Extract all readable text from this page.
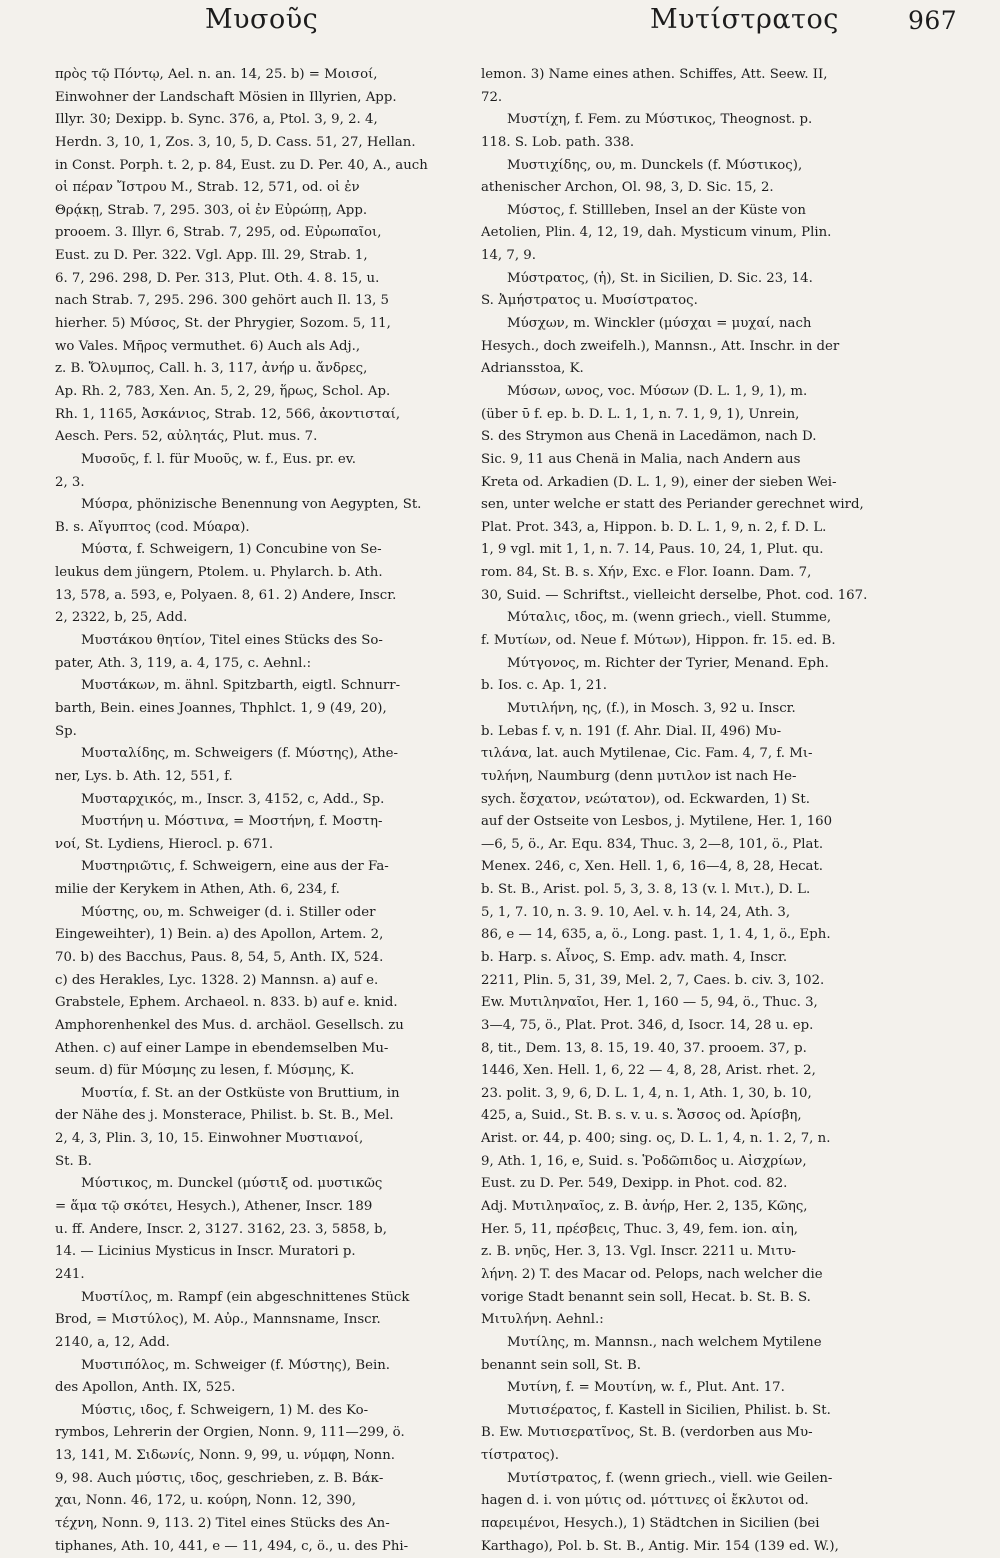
Μυσοῦς	Μυτίστρατος	967
πρὸς τῷ Πόντῳ, Ael. n. an. 14, 25. b) = Μοισοί,
Einwohner der Landschaft Mösien in Illyrien, App.
Illyr. 30; Dexipp. b. Sync. 376, a, Ptol. 3, 9, 2. 4,
Herdn. 3, 10, 1, Zos. 3, 10, 5, D. Cass. 51, 27, Hellan.
in Const. Porph. t. 2, p. 84, Eust. zu D. Per. 40, A., auch
οἱ πέραν Ἴστρου Μ., Strab. 12, 571, od. οἱ ἐν
Θρᾴκῃ, Strab. 7, 295. 303, οἱ ἐν Εὐρώπῃ, App.
prooem. 3. Illyr. 6, Strab. 7, 295, od. Εὐρωπαῖοι,
Eust. zu D. Per. 322. Vgl. App. Ill. 29, Strab. 1,
6. 7, 296. 298, D. Per. 313, Plut. Oth. 4. 8. 15, u.
nach Strab. 7, 295. 296. 300 gehört auch Il. 13, 5
hierher. 5) Μύσος, St. der Phrygier, Sozom. 5, 11,
wo Vales. Μῆρος vermuthet. 6) Auch als Adj.,
z. B. Ὄλυμπος, Call. h. 3, 117, ἀνήρ u. ἄνδρες,
Ap. Rh. 2, 783, Xen. An. 5, 2, 29, ἥρως, Schol. Ap.
Rh. 1, 1165, Ἀσκάνιος, Strab. 12, 566, ἀκοντισταί,
Aesch. Pers. 52, αὐλητάς, Plut. mus. 7.
Μυσοῦς, f. l. für Μυοῦς, w. f., Eus. pr. ev.
2, 3.
Μύσρα, phönizische Benennung von Aegypten, St.
B. s. Αἴγυπτος (cod. Μύαρα).
Μύστα, f. Schweigern, 1) Concubine von Se-
leukus dem jüngern, Ptolem. u. Phylarch. b. Ath.
13, 578, a. 593, e, Polyaen. 8, 61. 2) Andere, Inscr.
2, 2322, b, 25, Add.
Μυστάκου θητίον, Titel eines Stücks des So-
pater, Ath. 3, 119, a. 4, 175, c. Aehnl.:
Μυστάκων, m. ähnl. Spitzbarth, eigtl. Schnurr-
barth, Bein. eines Joannes, Thphlct. 1, 9 (49, 20),
Sp.
Μυσταλίδης, m. Schweigers (f. Μύστης), Athe-
ner, Lys. b. Ath. 12, 551, f.
Μυσταρχικός, m., Inscr. 3, 4152, c, Add., Sp.
Μυστήνη u. Μόστινα, = Μοστήνη, f. Μοστη-
νοί, St. Lydiens, Hierocl. p. 671.
Μυστηριῶτις, f. Schweigern, eine aus der Fa-
milie der Kerykem in Athen, Ath. 6, 234, f.
Μύστης, ου, m. Schweiger (d. i. Stiller oder
Eingeweihter), 1) Bein. a) des Apollon, Artem. 2,
70. b) des Bacchus, Paus. 8, 54, 5, Anth. IX, 524.
c) des Herakles, Lyc. 1328. 2) Mannsn. a) auf e.
Grabstele, Ephem. Archaeol. n. 833. b) auf e. knid.
Amphorenhenkel des Mus. d. archäol. Gesellsch. zu
Athen. c) auf einer Lampe in ebendemselben Mu-
seum. d) für Μύσμης zu lesen, f. Μύσμης, K.
Μυστία, f. St. an der Ostküste von Bruttium, in
der Nähe des j. Monsterace, Philist. b. St. B., Mel.
2, 4, 3, Plin. 3, 10, 15. Einwohner Μυστιανοί,
St. B.
Μύστικος, m. Dunckel (μύστιξ od. μυστικῶς
= ἅμα τῷ σκότει, Hesych.), Athener, Inscr. 189
u. ff. Andere, Inscr. 2, 3127. 3162, 23. 3, 5858, b,
14. — Licinius Mysticus in Inscr. Muratori p.
241.
Μυστίλος, m. Rampf (ein abgeschnittenes Stück
Brod, = Μιστύλος), Μ. Αὐρ., Mannsname, Inscr.
2140, a, 12, Add.
Μυστιπόλος, m. Schweiger (f. Μύστης), Bein.
des Apollon, Anth. IX, 525.
Μύστις, ιδος, f. Schweigern, 1) M. des Ko-
rymbos, Lehrerin der Orgien, Nonn. 9, 111—299, ö.
13, 141, M. Σιδωνίς, Nonn. 9, 99, u. νύμφη, Nonn.
9, 98. Auch μύστις, ιδος, geschrieben, z. B. Βάκ-
χαι, Nonn. 46, 172, u. κούρη, Nonn. 12, 390,
τέχνη, Nonn. 9, 113. 2) Titel eines Stücks des An-
tiphanes, Ath. 10, 441, e — 11, 494, c, ö., u. des Phi-
lemon. 3) Name eines athen. Schiffes, Att. Seew. II,
72.
Μυστίχη, f. Fem. zu Μύστικος, Theognost. p.
118. S. Lob. path. 338.
Μυστιχίδης, ου, m. Dunckels (f. Μύστικος),
athenischer Archon, Ol. 98, 3, D. Sic. 15, 2.
Μύστος, f. Stillleben, Insel an der Küste von
Aetolien, Plin. 4, 12, 19, dah. Mysticum vinum, Plin.
14, 7, 9.
Μύστρατος, (ἡ), St. in Sicilien, D. Sic. 23, 14.
S. Ἀμήστρατος u. Μυσίστρατος.
Μύσχων, m. Winckler (μύσχαι = μυχαί, nach
Hesych., doch zweifelh.), Mannsn., Att. Inschr. in der
Adriansstoa, K.
Μύσων, ωνος, voc. Μύσων (D. L. 1, 9, 1), m.
(über ῡ f. ep. b. D. L. 1, 1, n. 7. 1, 9, 1), Unrein,
S. des Strymon aus Chenä in Lacedämon, nach D.
Sic. 9, 11 aus Chenä in Malia, nach Andern aus
Kreta od. Arkadien (D. L. 1, 9), einer der sieben Wei-
sen, unter welche er statt des Periander gerechnet wird,
Plat. Prot. 343, a, Hippon. b. D. L. 1, 9, n. 2, f. D. L.
1, 9 vgl. mit 1, 1, n. 7. 14, Paus. 10, 24, 1, Plut. qu.
rom. 84, St. B. s. Χήν, Exc. e Flor. Ioann. Dam. 7,
30, Suid. — Schriftst., vielleicht derselbe, Phot. cod. 167.
Μύταλις, ιδος, m. (wenn griech., viell. Stumme,
f. Μυτίων, od. Neue f. Μύτων), Hippon. fr. 15. ed. B.
Μύτγονος, m. Richter der Tyrier, Menand. Eph.
b. Ios. c. Ap. 1, 21.
Μυτιλήνη, ης, (f.), in Mosch. 3, 92 u. Inscr.
b. Lebas f. v, n. 191 (f. Ahr. Dial. II, 496) Μυ-
τιλάνα, lat. auch Mytilenae, Cic. Fam. 4, 7, f. Μι-
τυλήνη, Naumburg (denn μυτιλον ist nach He-
sych. ἔσχατον, νεώτατον), od. Eckwarden, 1) St.
auf der Ostseite von Lesbos, j. Mytilene, Her. 1, 160
—6, 5, ö., Ar. Equ. 834, Thuc. 3, 2—8, 101, ö., Plat.
Menex. 246, c, Xen. Hell. 1, 6, 16—4, 8, 28, Hecat.
b. St. B., Arist. pol. 5, 3, 3. 8, 13 (v. l. Μιτ.), D. L.
5, 1, 7. 10, n. 3. 9. 10, Ael. v. h. 14, 24, Ath. 3,
86, e — 14, 635, a, ö., Long. past. 1, 1. 4, 1, ö., Eph.
b. Harp. s. Αἶνος, S. Emp. adv. math. 4, Inscr.
2211, Plin. 5, 31, 39, Mel. 2, 7, Caes. b. civ. 3, 102.
Ew. Μυτιληναῖοι, Her. 1, 160 — 5, 94, ö., Thuc. 3,
3—4, 75, ö., Plat. Prot. 346, d, Isocr. 14, 28 u. ep.
8, tit., Dem. 13, 8. 15, 19. 40, 37. prooem. 37, p.
1446, Xen. Hell. 1, 6, 22 — 4, 8, 28, Arist. rhet. 2,
23. polit. 3, 9, 6, D. L. 1, 4, n. 1, Ath. 1, 30, b. 10,
425, a, Suid., St. B. s. v. u. s. Ἄσσος od. Ἀρίσβη,
Arist. or. 44, p. 400; sing. ος, D. L. 1, 4, n. 1. 2, 7, n.
9, Ath. 1, 16, e, Suid. s. Ῥοδῶπιδος u. Αἰσχρίων,
Eust. zu D. Per. 549, Dexipp. in Phot. cod. 82.
Adj. Μυτιληναῖος, z. B. ἀνήρ, Her. 2, 135, Κῶης,
Her. 5, 11, πρέσβεις, Thuc. 3, 49, fem. ion. αἰη,
z. B. νηῦς, Her. 3, 13. Vgl. Inscr. 2211 u. Μιτυ-
λήνη. 2) T. des Macar od. Pelops, nach welcher die
vorige Stadt benannt sein soll, Hecat. b. St. B. S.
Μιτυλήνη. Aehnl.:
Μυτίλης, m. Mannsn., nach welchem Mytilene
benannt sein soll, St. B.
Μυτίνη, f. = Μουτίνη, w. f., Plut. Ant. 17.
Μυτισέρατος, f. Kastell in Sicilien, Philist. b. St.
B. Ew. Μυτισερατῖνος, St. B. (verdorben aus Μυ-
τίστρατος).
Μυτίστρατος, f. (wenn griech., viell. wie Geilen-
hagen d. i. von μύτις od. μόττινες οἱ ἔκλυτοι od.
παρειμένοι, Hesych.), 1) Städtchen in Sicilien (bei
Karthago), Pol. b. St. B., Antig. Mir. 154 (139 ed. W.),
